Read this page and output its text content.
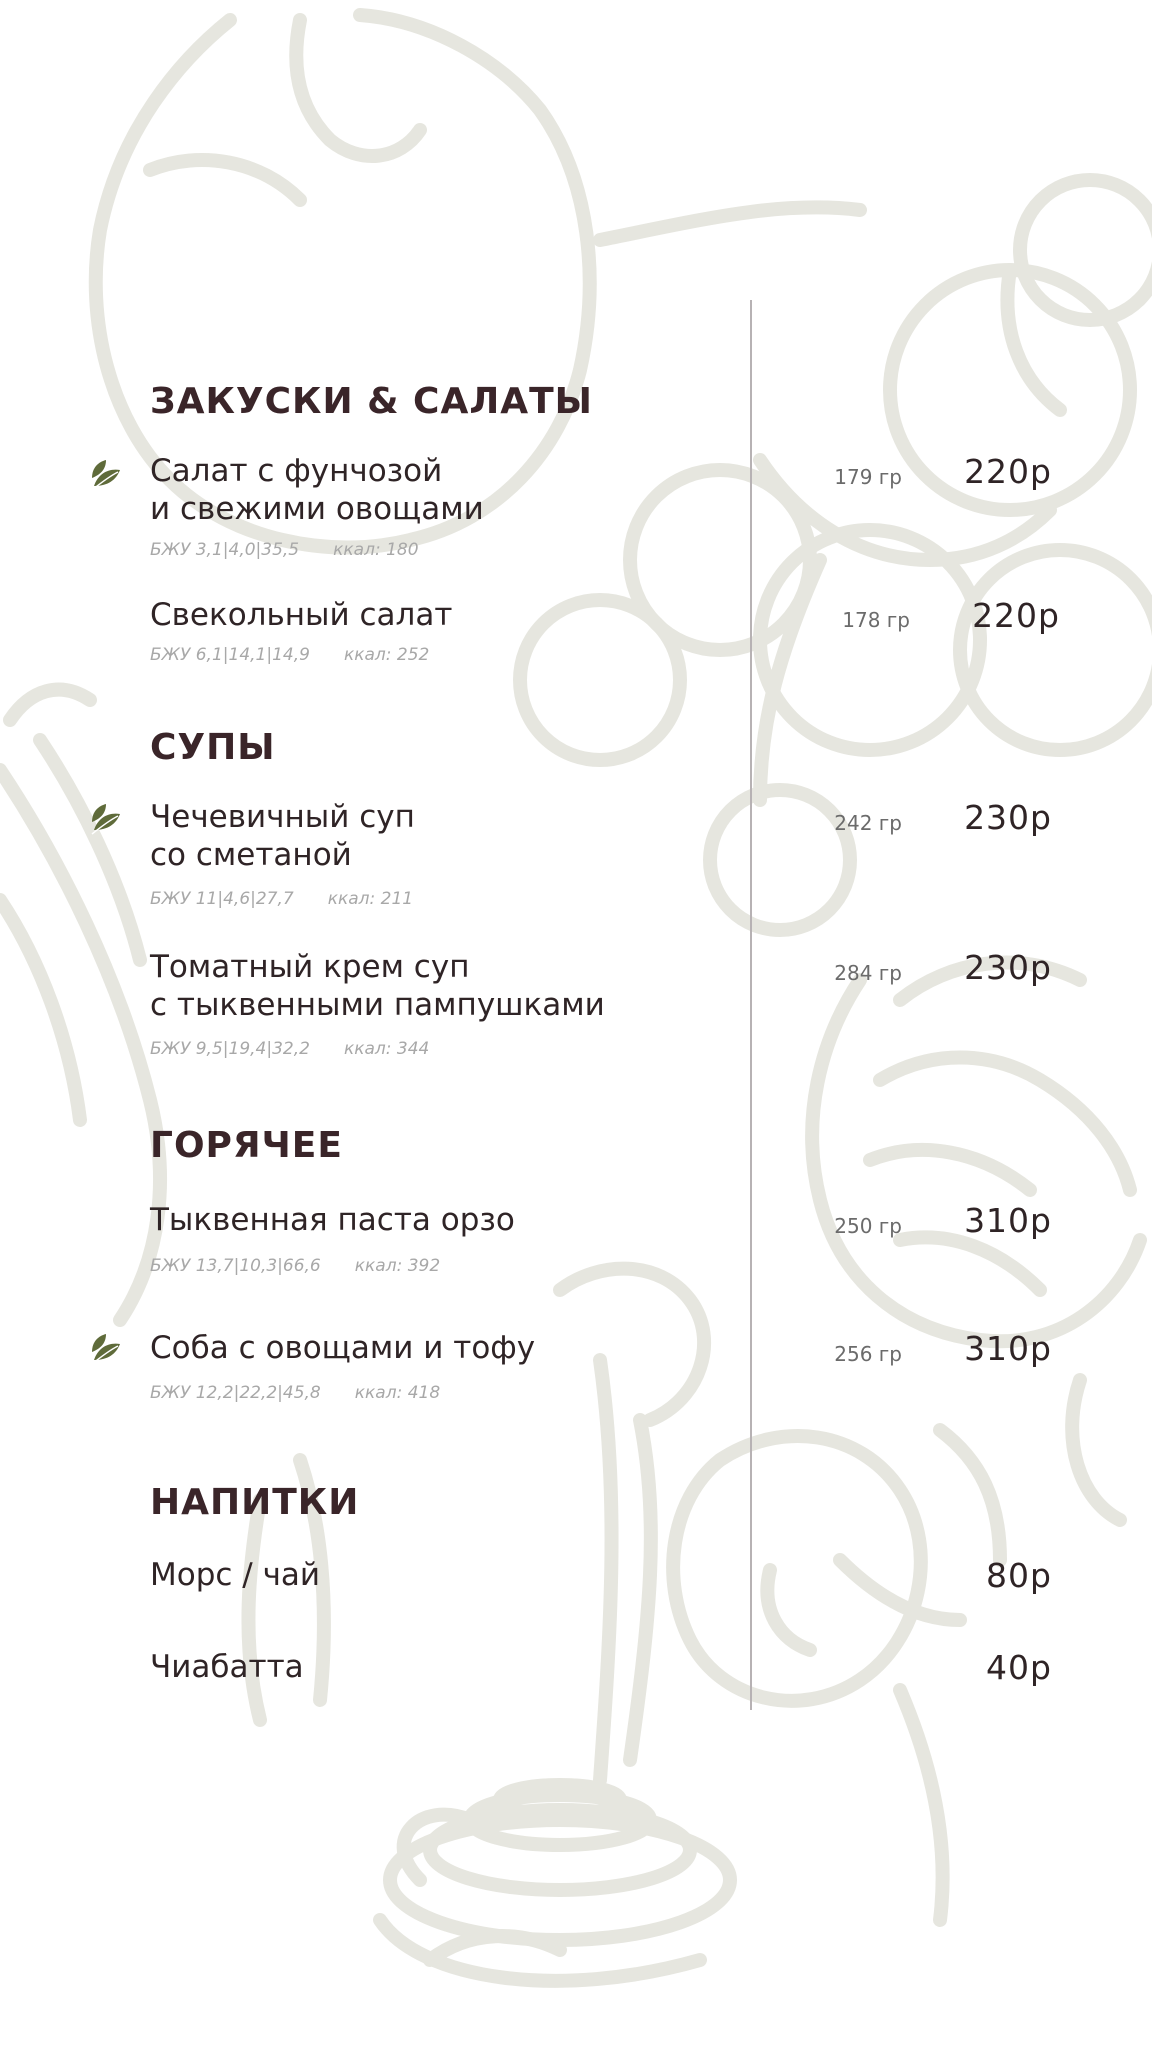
ЗАКУСКИ & САЛАТЫ
Салат с фунчозой
и свежими овощами
БЖУ 3,1|4,0|35,5 ккал: 180
179 гр 220р
Свекольный салат
БЖУ 6,1|14,1|14,9 ккал: 252
178 гр 220р
СУПЫ
Чечевичный суп
со сметаной
БЖУ 11|4,6|27,7 ккал: 211
242 гр 230р
Томатный крем суп
с тыквенными пампушками
БЖУ 9,5|19,4|32,2 ккал: 344
284 гр 230р
ГОРЯЧЕЕ
Тыквенная паста орзо
БЖУ 13,7|10,3|66,6 ккал: 392
250 гр 310р
Соба с овощами и тофу
БЖУ 12,2|22,2|45,8 ккал: 418
256 гр 310р
НАПИТКИ
Морс / чай	80р
Чиабатта	40р
